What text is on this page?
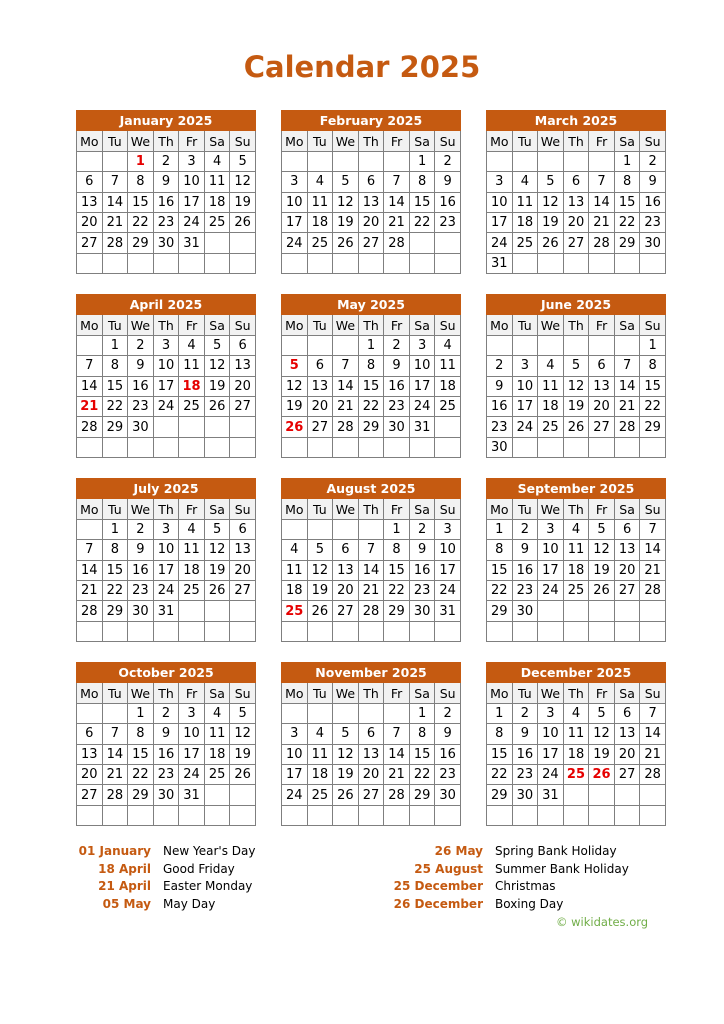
Calendar 2025
January 2025						
Mo	Tu	We	Th	Fr	Sa	Su
		1	2	3	4	5
6	7	8	9	10	11	12
13	14	15	16	17	18	19
20	21	22	23	24	25	26
27	28	29	30	31		

February 2025						
Mo	Tu	We	Th	Fr	Sa	Su
					1	2
3	4	5	6	7	8	9
10	11	12	13	14	15	16
17	18	19	20	21	22	23
24	25	26	27	28		

March 2025						
Mo	Tu	We	Th	Fr	Sa	Su
					1	2
3	4	5	6	7	8	9
10	11	12	13	14	15	16
17	18	19	20	21	22	23
24	25	26	27	28	29	30
31						
April 2025						
Mo	Tu	We	Th	Fr	Sa	Su
	1	2	3	4	5	6
7	8	9	10	11	12	13
14	15	16	17	18	19	20
21	22	23	24	25	26	27
28	29	30				

May 2025						
Mo	Tu	We	Th	Fr	Sa	Su
			1	2	3	4
5	6	7	8	9	10	11
12	13	14	15	16	17	18
19	20	21	22	23	24	25
26	27	28	29	30	31	

June 2025						
Mo	Tu	We	Th	Fr	Sa	Su
						1
2	3	4	5	6	7	8
9	10	11	12	13	14	15
16	17	18	19	20	21	22
23	24	25	26	27	28	29
30						
July 2025						
Mo	Tu	We	Th	Fr	Sa	Su
	1	2	3	4	5	6
7	8	9	10	11	12	13
14	15	16	17	18	19	20
21	22	23	24	25	26	27
28	29	30	31			

August 2025						
Mo	Tu	We	Th	Fr	Sa	Su
				1	2	3
4	5	6	7	8	9	10
11	12	13	14	15	16	17
18	19	20	21	22	23	24
25	26	27	28	29	30	31

September 2025						
Mo	Tu	We	Th	Fr	Sa	Su
1	2	3	4	5	6	7
8	9	10	11	12	13	14
15	16	17	18	19	20	21
22	23	24	25	26	27	28
29	30					

October 2025						
Mo	Tu	We	Th	Fr	Sa	Su
		1	2	3	4	5
6	7	8	9	10	11	12
13	14	15	16	17	18	19
20	21	22	23	24	25	26
27	28	29	30	31		

November 2025						
Mo	Tu	We	Th	Fr	Sa	Su
					1	2
3	4	5	6	7	8	9
10	11	12	13	14	15	16
17	18	19	20	21	22	23
24	25	26	27	28	29	30

December 2025						
Mo	Tu	We	Th	Fr	Sa	Su
1	2	3	4	5	6	7
8	9	10	11	12	13	14
15	16	17	18	19	20	21
22	23	24	25	26	27	28
29	30	31				

01 January New Year's Day
18 April Good Friday
21 April Easter Monday
05 May May Day
26 May Spring Bank Holiday
25 August Summer Bank Holiday
25 December Christmas
26 December Boxing Day
© wikidates.org
